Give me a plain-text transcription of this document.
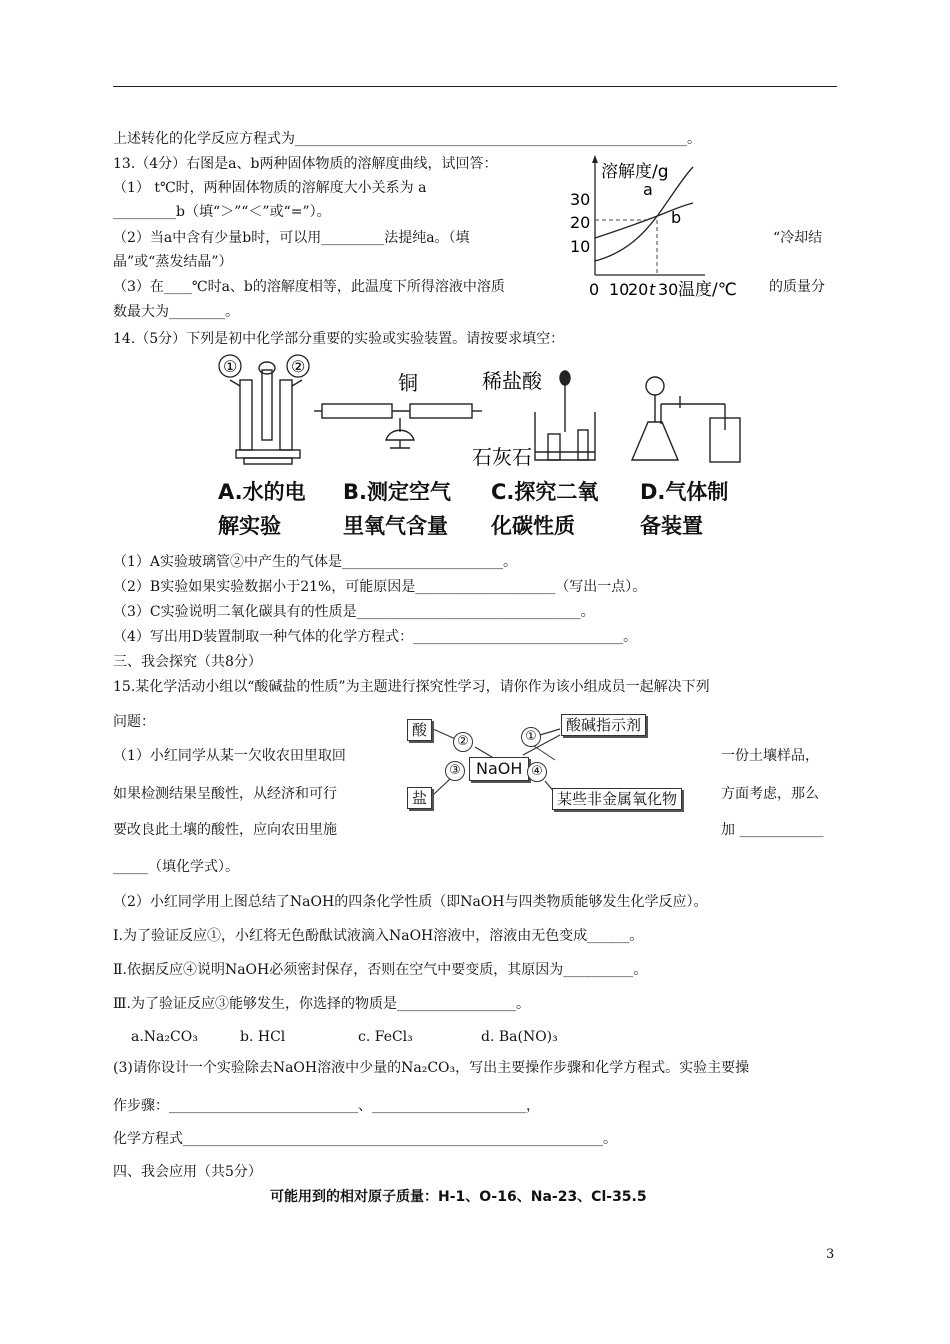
上述转化的化学反应方程式为________________________________________________________。
13.（4分）右图是a、b两种固体物质的溶解度曲线，试回答：
（1） t℃时，两种固体物质的溶解度大小关系为 a
_________b（填“＞”“＜”或“=”）。
（2）当a中含有少量b时，可以用_________法提纯a。（填	“冷却结
晶”或“蒸发结晶”）
（3）在____℃时a、b的溶解度相等，此温度下所得溶液中溶质	的质量分
数最大为________。
溶解度/g
30
20
10
a
b
0 10
20 t 30 温度/℃
14.（5分）下列是初中化学部分重要的实验或实验装置。请按要求填空：
①	②
铜	稀盐酸
石灰石
A.水的电
解实验
B.测定空气
里氧气含量
C.探究二氧
化碳性质
D.气体制
备装置
（1）A实验玻璃管②中产生的气体是_______________________。
（2）B实验如果实验数据小于21%，可能原因是____________________（写出一点）。
（3）C实验说明二氧化碳具有的性质是________________________________。
（4）写出用D装置制取一种气体的化学方程式：______________________________。
三、我会探究（共8分）
15.某化学活动小组以“酸碱盐的性质”为主题进行探究性学习，请你作为该小组成员一起解决下列
问题：	酸	酸碱指示剂
NaOH
盐	某些非金属氧化物
②	①
③	④
（1）小红同学从某一欠收农田里取回	一份土壤样品，
如果检测结果呈酸性，从经济和可行	方面考虑，那么
要改良此土壤的酸性，应向农田里施	加 ____________
_____（填化学式）。
（2）小红同学用上图总结了NaOH的四条化学性质（即NaOH与四类物质能够发生化学反应）。
Ⅰ.为了验证反应①，小红将无色酚酞试液滴入NaOH溶液中，溶液由无色变成______。
Ⅱ.依据反应④说明NaOH必须密封保存，否则在空气中要变质，其原因为__________。
Ⅲ.为了验证反应③能够发生，你选择的物质是_________________。
a.Na₂CO₃	b. HCl	c. FeCl₃	d. Ba(NO)₃
(3)请你设计一个实验除去NaOH溶液中少量的Na₂CO₃，写出主要操作步骤和化学方程式。实验主要操
作步骤：___________________________、______________________，
化学方程式____________________________________________________________。
四、我会应用（共5分）
可能用到的相对原子质量：H-1、O-16、Na-23、Cl-35.5
3
